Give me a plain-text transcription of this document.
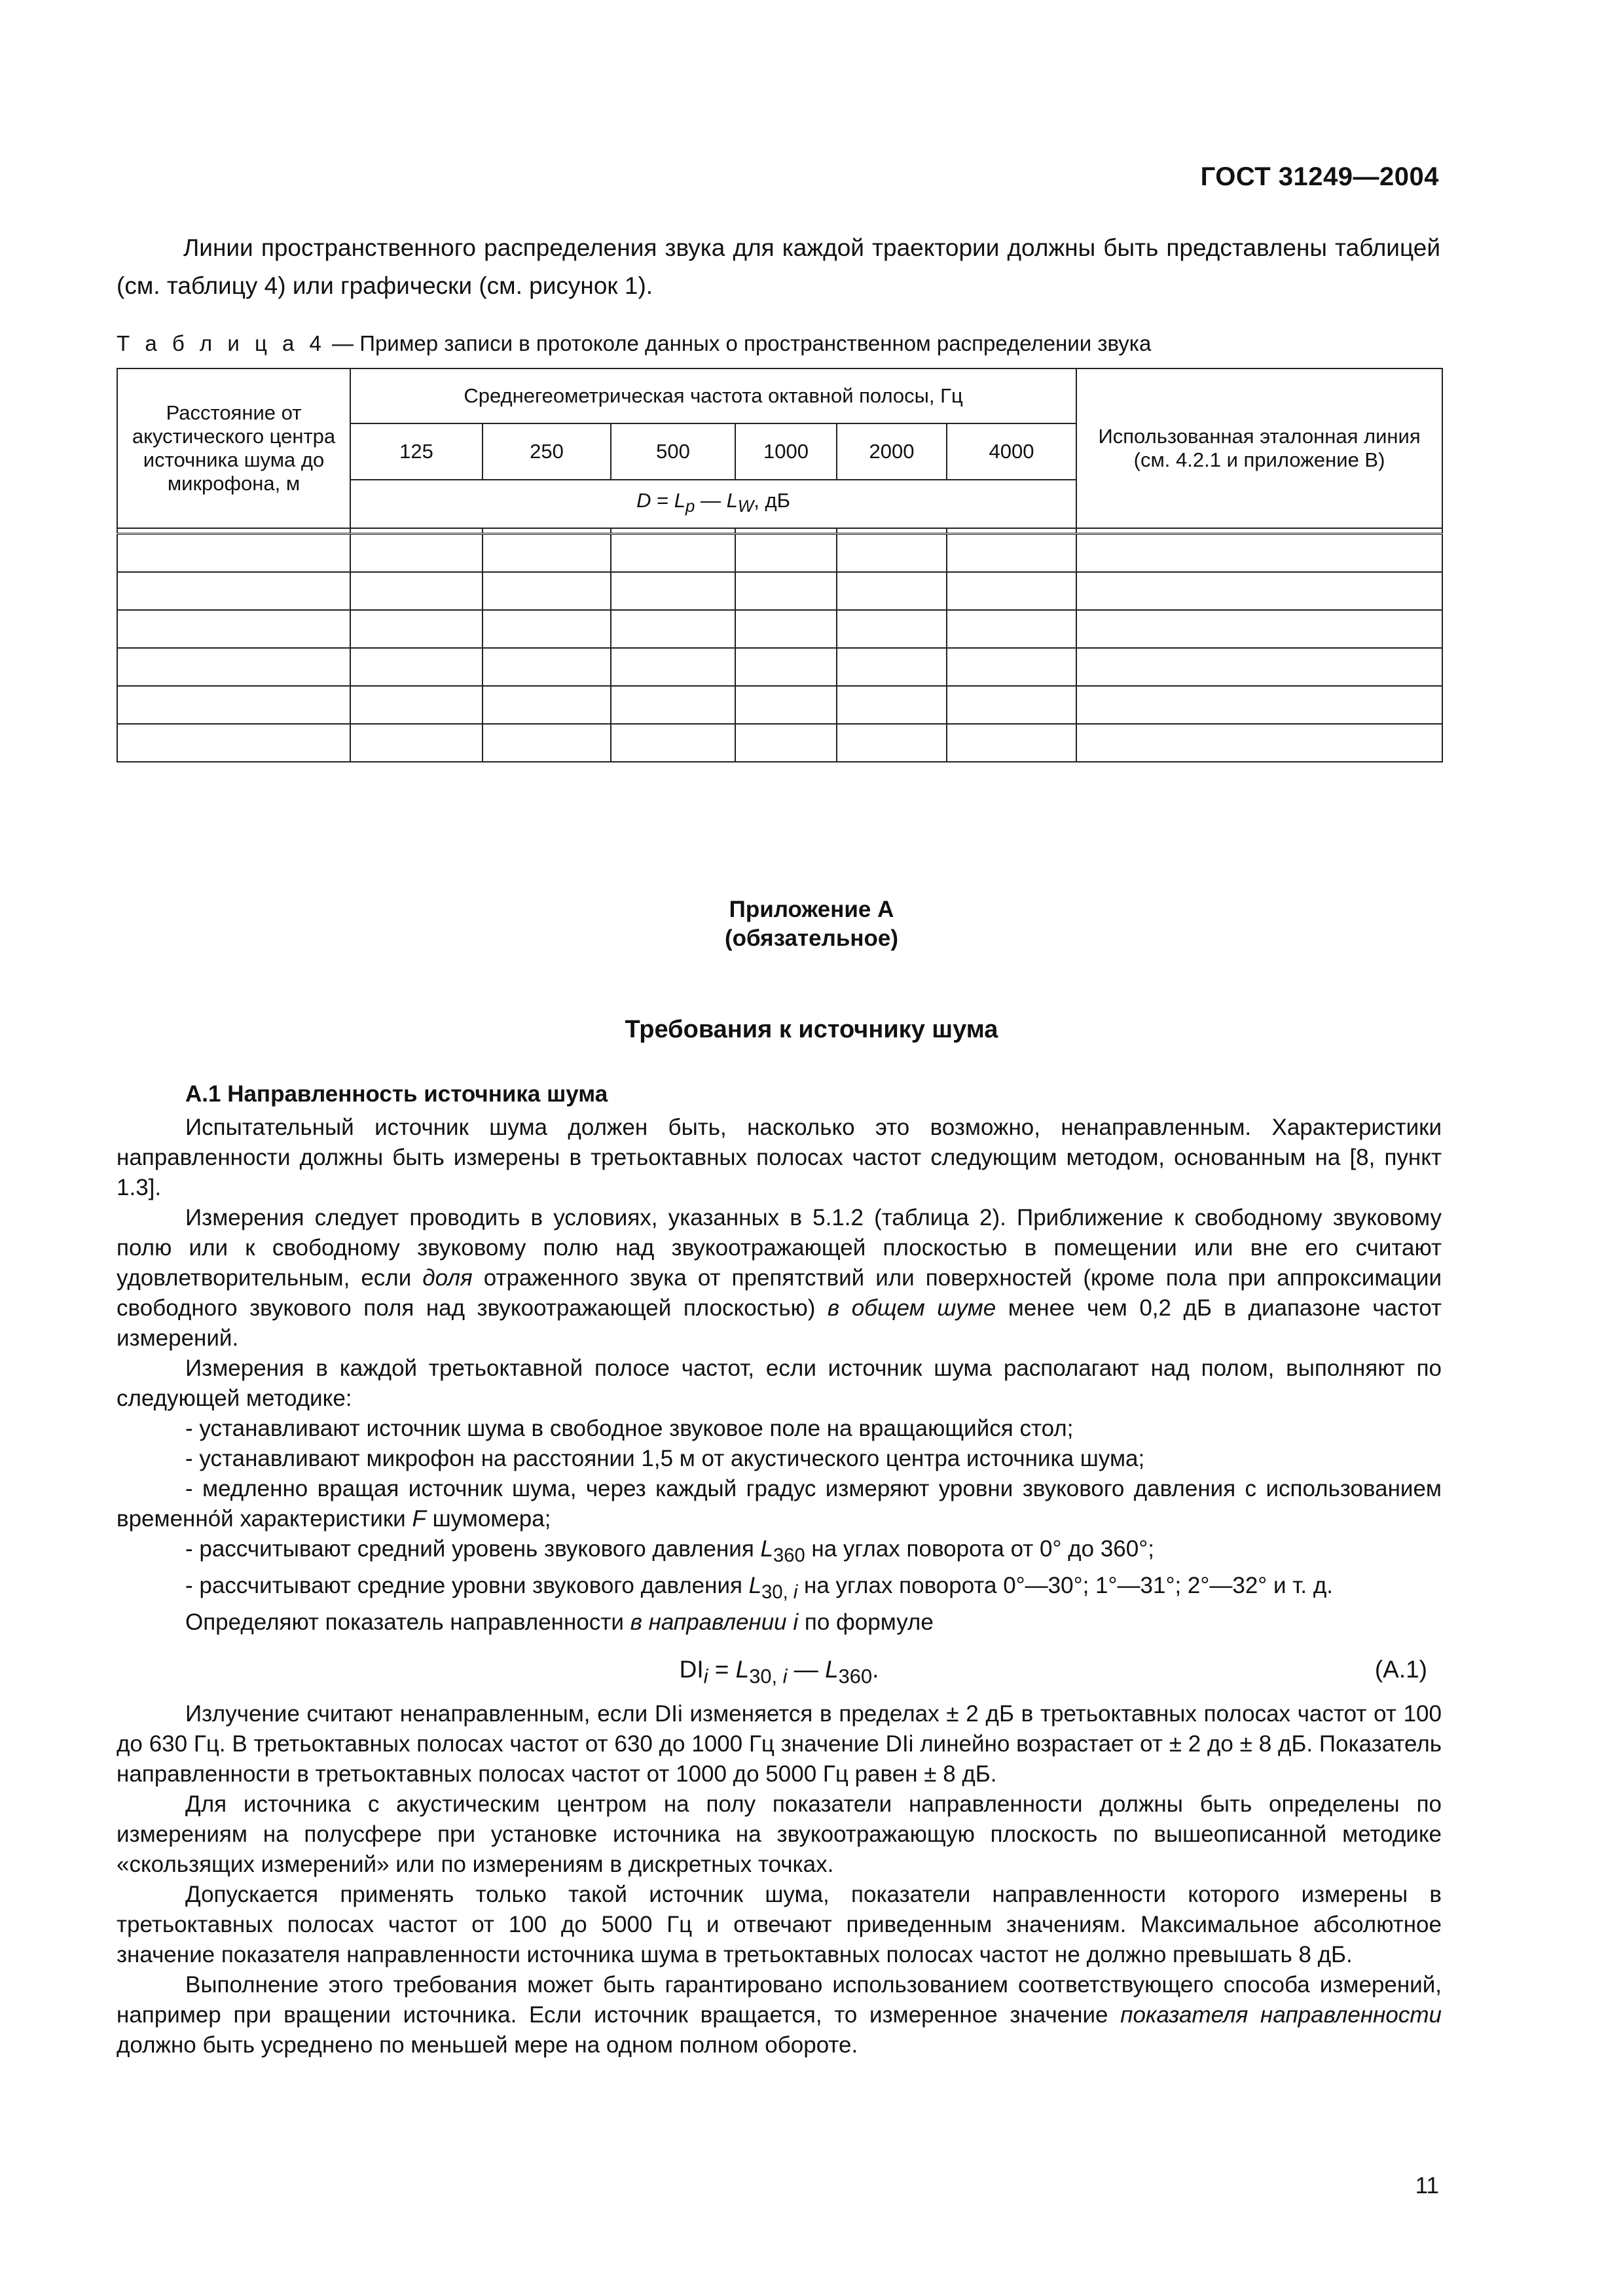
ГОСТ 31249—2004
Линии пространственного распределения звука для каждой траектории должны быть представлены таблицей (см. таблицу 4) или графически (см. рисунок 1).
Т а б л и ц а 4 — Пример записи в протоколе данных о пространственном распределении звука
Расстояние от акустического центра источника шума до микрофона, м	Среднегеометрическая частота октавной полосы, Гц						Использованная эталонная линия (см. 4.2.1 и приложение В)
	125	250	500	1000	2000	4000	
	$D = L_p$ — $L_W$, дБ						

Приложение А
(обязательное)
Требования к источнику шума
А.1 Направленность источника шума

Испытательный источник шума должен быть, насколько это возможно, ненаправленным. Характеристики направленности должны быть измерены в третьоктавных полосах частот следующим методом, основанным на [8, пункт 1.3].

Измерения следует проводить в условиях, указанных в 5.1.2 (таблица 2). Приближение к свободному звуковому полю или к свободному звуковому полю над звукоотражающей плоскостью в помещении или вне его считают удовлетворительным, если доля отраженного звука от препятствий или поверхностей (кроме пола при аппроксимации свободного звукового поля над звукоотражающей плоскостью) в общем шуме менее чем 0,2 дБ в диапазоне частот измерений.

Измерения в каждой третьоктавной полосе частот, если источник шума располагают над полом, выполняют по следующей методике:

- устанавливают источник шума в свободное звуковое поле на вращающийся стол;

- устанавливают микрофон на расстоянии 1,5 м от акустического центра источника шума;

- медленно вращая источник шума, через каждый градус измеряют уровни звукового давления с использованием временно́й характеристики F шумомера;

- рассчитывают средний уровень звукового давления $L_{360}$ на углах поворота от 0° до 360°;

- рассчитывают средние уровни звукового давления $L_{30, i}$ на углах поворота 0°—30°; 1°—31°; 2°—32° и т. д.

Определяют показатель направленности в направлении i по формуле

$DI_i = L_{30, i}$ — $L_{360}$.	(А.1)

Излучение считают ненаправленным, если DIi изменяется в пределах ± 2 дБ в третьоктавных полосах частот от 100 до 630 Гц. В третьоктавных полосах частот от 630 до 1000 Гц значение DIi линейно возрастает от ± 2 до ± 8 дБ. Показатель направленности в третьоктавных полосах частот от 1000 до 5000 Гц равен ± 8 дБ.

Для источника с акустическим центром на полу показатели направленности должны быть определены по измерениям на полусфере при установке источника на звукоотражающую плоскость по вышеописанной методике «скользящих измерений» или по измерениям в дискретных точках.

Допускается применять только такой источник шума, показатели направленности которого измерены в третьоктавных полосах частот от 100 до 5000 Гц и отвечают приведенным значениям. Максимальное абсолютное значение показателя направленности источника шума в третьоктавных полосах частот не должно превышать 8 дБ.

Выполнение этого требования может быть гарантировано использованием соответствующего способа измерений, например при вращении источника. Если источник вращается, то измеренное значение показателя направленности должно быть усреднено по меньшей мере на одном полном обороте.

11
